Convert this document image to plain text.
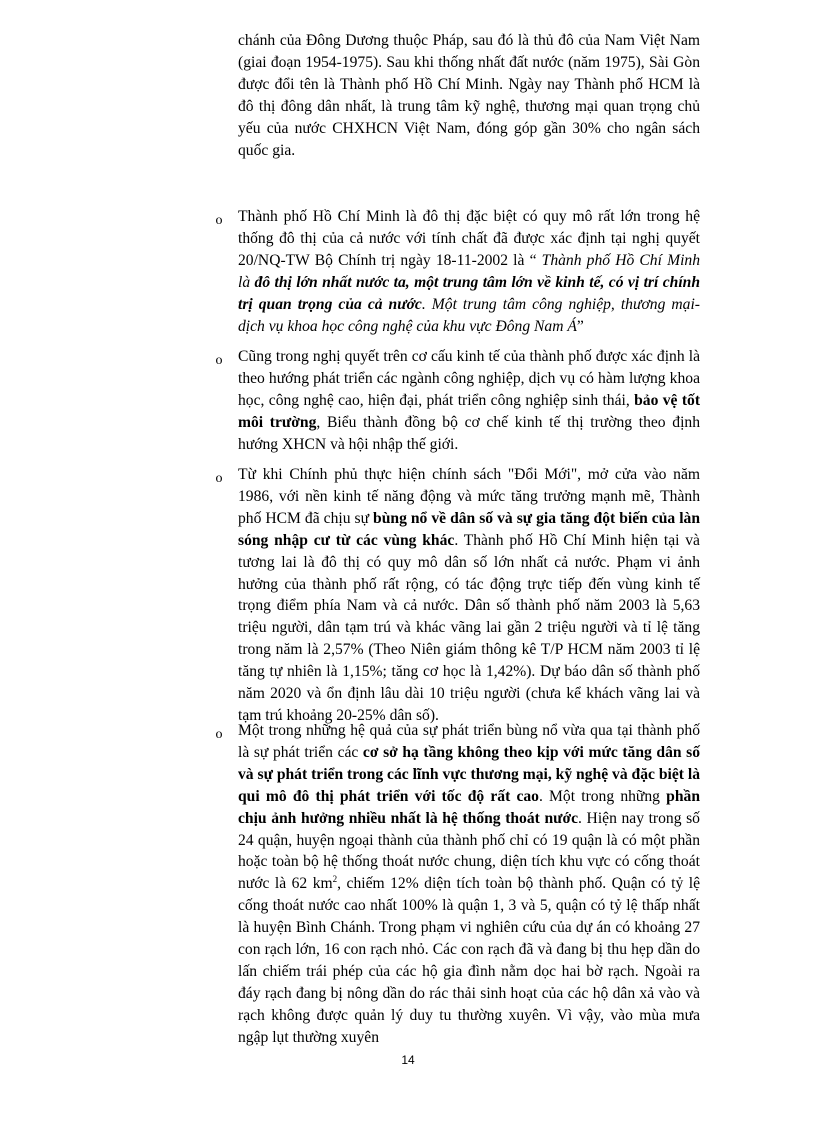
chánh của Đông Dương thuộc Pháp, sau đó là thủ đô của Nam Việt Nam (giai đoạn 1954-1975). Sau khi thống nhất đất nước (năm 1975), Sài Gòn được đổi tên là Thành phố Hồ Chí Minh. Ngày nay Thành phố HCM là đô thị đông dân nhất, là trung tâm kỹ nghệ, thương mại quan trọng chủ yếu của nước CHXHCN Việt Nam, đóng góp gần 30% cho ngân sách quốc gia.

o

Thành phố Hồ Chí Minh là đô thị đặc biệt có quy mô rất lớn trong hệ thống đô thị của cả nước với tính chất đã được xác định tại nghị quyết 20/NQ-TW Bộ Chính trị ngày 18-11-2002 là “ Thành phố Hồ Chí Minh là đô thị lớn nhất nước ta, một trung tâm lớn về kinh tế, có vị trí chính trị quan trọng của cả nước. Một trung tâm công nghiệp, thương mại-dịch vụ khoa học công nghệ của khu vực Đông Nam Á”

o

Cũng trong nghị quyết trên cơ cấu kinh tế của thành phố được xác định là theo hướng phát triển các ngành công nghiệp, dịch vụ có hàm lượng khoa học, công nghệ cao, hiện đại, phát triển công nghiệp sinh thái, bảo vệ tốt môi trường, Biểu thành đồng bộ cơ chế kinh tế thị trường theo định hướng XHCN và hội nhập thế giới.

o

Từ khi Chính phủ thực hiện chính sách "Đổi Mới", mở cửa vào năm 1986, với nền kinh tế năng động và mức tăng trưởng mạnh mẽ, Thành phố HCM đã chịu sự bùng nổ về dân số và sự gia tăng đột biến của làn sóng nhập cư từ các vùng khác. Thành phố Hồ Chí Minh hiện tại và tương lai là đô thị có quy mô dân số lớn nhất cả nước. Phạm vi ảnh hưởng của thành phố rất rộng, có tác động trực tiếp đến vùng kinh tế trọng điểm phía Nam và cả nước. Dân số thành phố năm 2003 là 5,63 triệu người, dân tạm trú và khác vãng lai gần 2 triệu người và tỉ lệ tăng trong năm là 2,57% (Theo Niên giám thông kê T/P HCM năm 2003 tỉ lệ tăng tự nhiên là 1,15%; tăng cơ học là 1,42%). Dự báo dân số thành phố năm 2020 và ổn định lâu dài 10 triệu người (chưa kể khách vãng lai và tạm trú khoảng 20-25% dân số).

o

Một trong những hệ quả của sự phát triển bùng nổ vừa qua tại thành phố là sự phát triển các cơ sở hạ tầng không theo kịp với mức tăng dân số và sự phát triển trong các lĩnh vực thương mại, kỹ nghệ và đặc biệt là qui mô đô thị phát triển với tốc độ rất cao. Một trong những phần chịu ảnh hưởng nhiều nhất là hệ thống thoát nước. Hiện nay trong số 24 quận, huyện ngoại thành của thành phố chỉ có 19 quận là có một phần hoặc toàn bộ hệ thống thoát nước chung, diện tích khu vực có cống thoát nước là 62 $km^2$, chiếm 12% diện tích toàn bộ thành phố. Quận có tỷ lệ cống thoát nước cao nhất 100% là quận 1, 3 và 5, quận có tỷ lệ thấp nhất là huyện Bình Chánh. Trong phạm vi nghiên cứu của dự án có khoảng 27 con rạch lớn, 16 con rạch nhỏ. Các con rạch đã và đang bị thu hẹp dần do lấn chiếm trái phép của các hộ gia đình nằm dọc hai bờ rạch. Ngoài ra đáy rạch đang bị nông dần do rác thải sinh hoạt của các hộ dân xả vào và rạch không được quản lý duy tu thường xuyên. Vì vậy, vào mùa mưa ngập lụt thường xuyên

14
